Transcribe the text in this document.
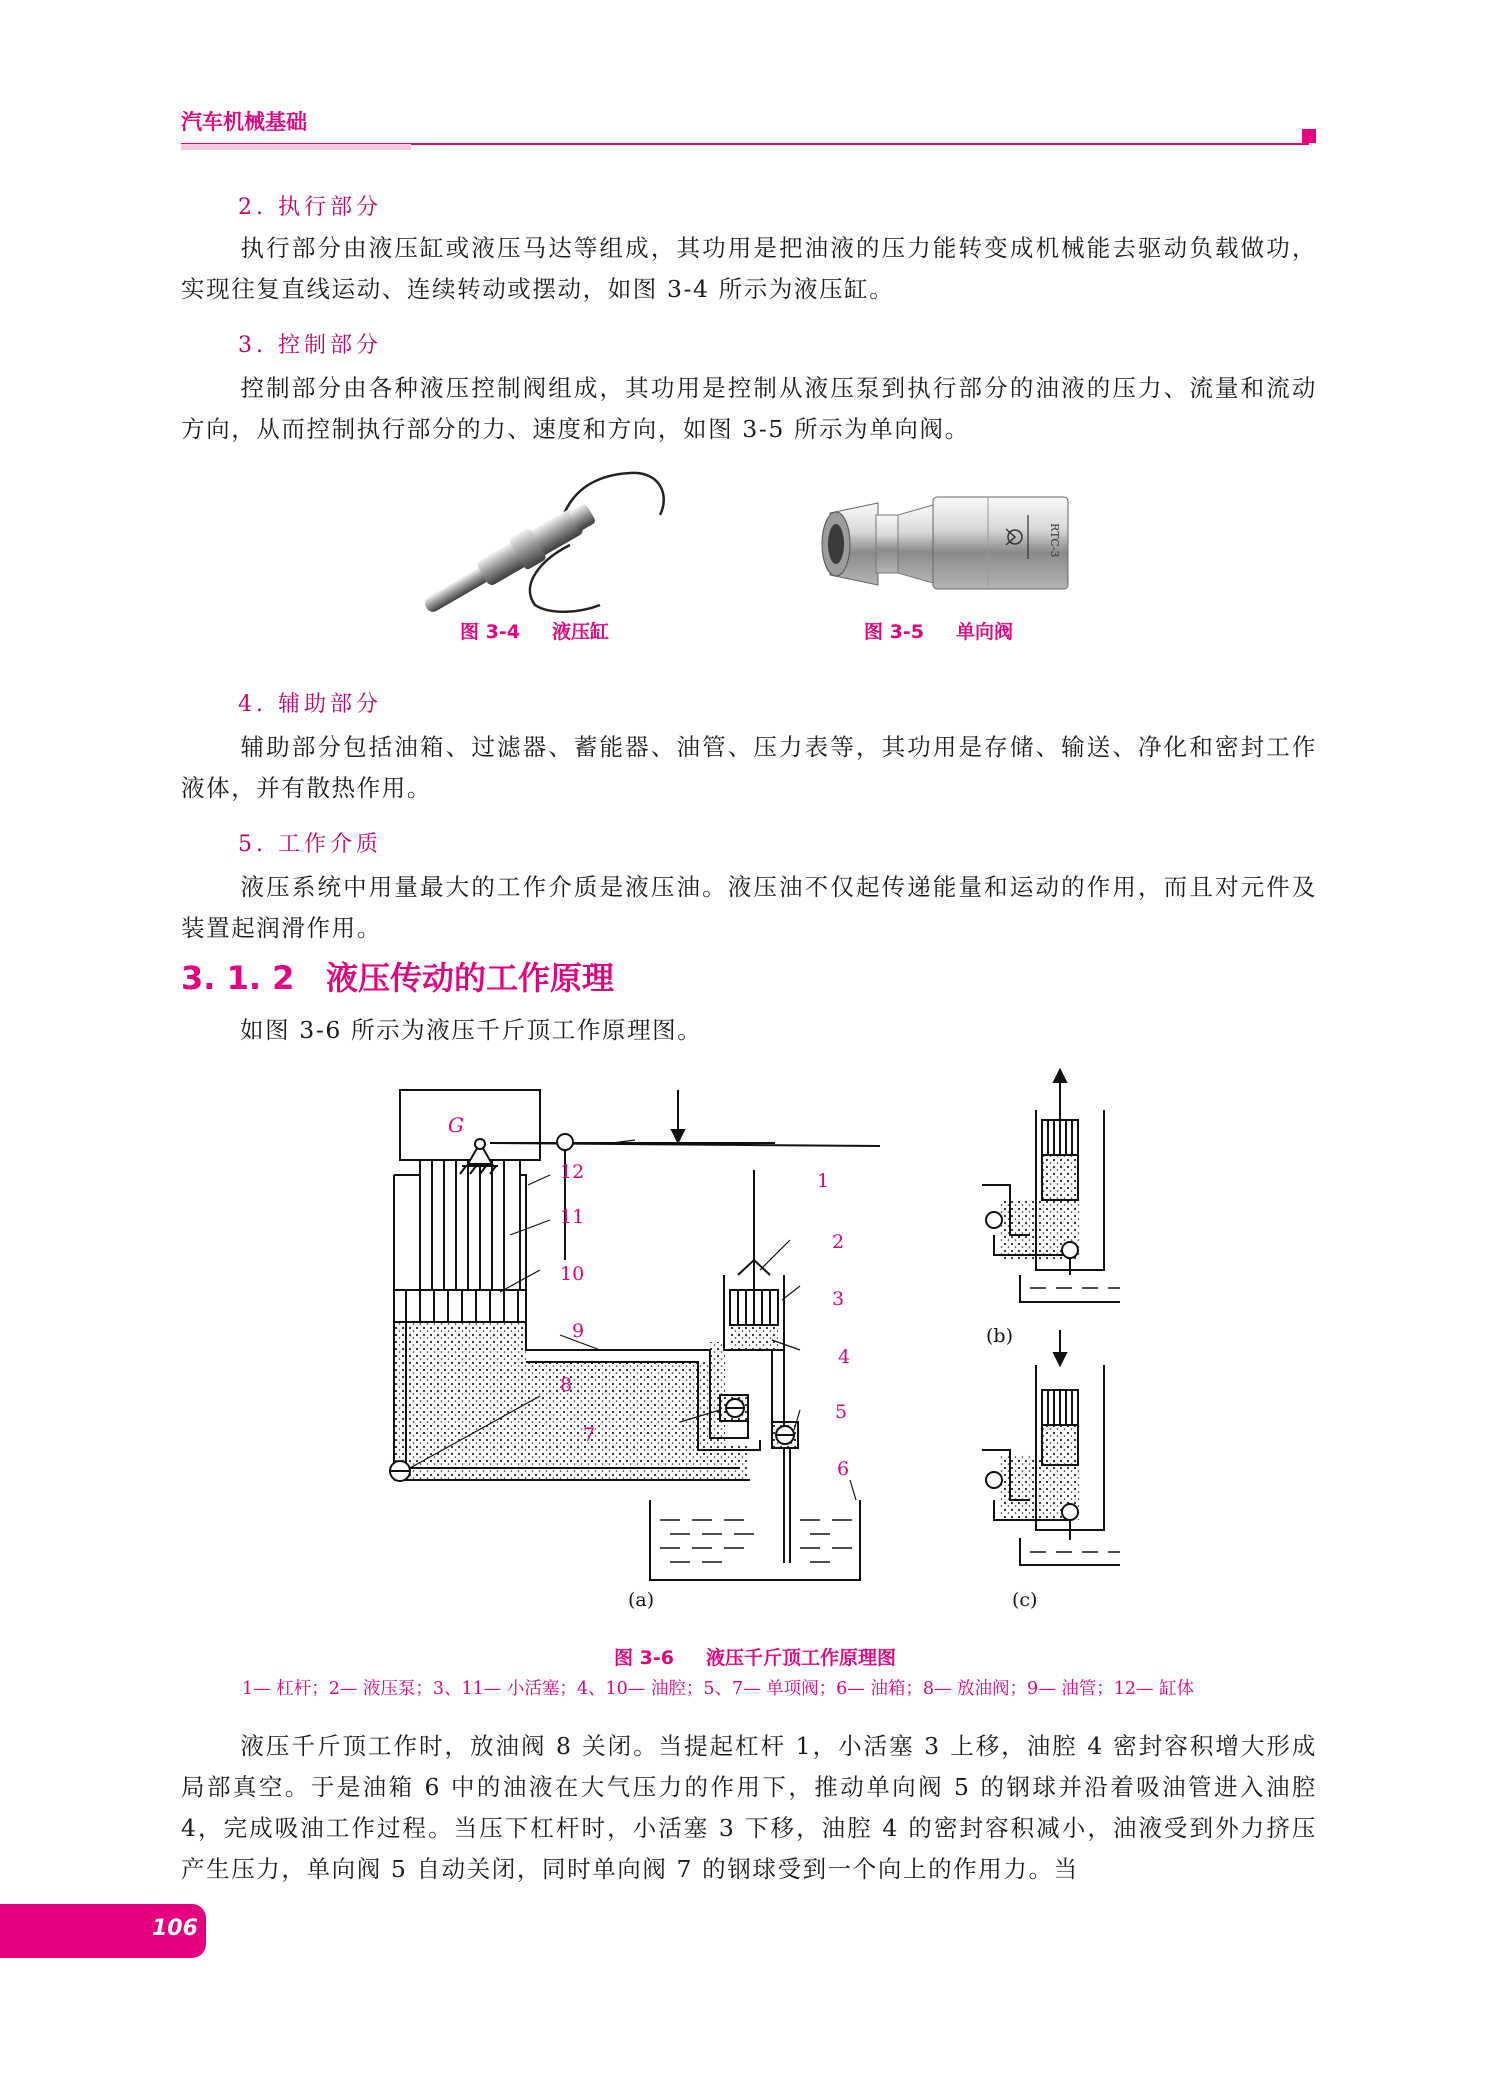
汽车机械基础
2. 执行部分
执行部分由液压缸或液压马达等组成，其功用是把油液的压力能转变成机械能去驱动负载做功，实现往复直线运动、连续转动或摆动，如图 3-4 所示为液压缸。
3. 控制部分
控制部分由各种液压控制阀组成，其功用是控制从液压泵到执行部分的油液的压力、流量和流动方向，从而控制执行部分的力、速度和方向，如图 3-5 所示为单向阀。
图 3-4 液压缸
RTC-3
图 3-5 单向阀
4. 辅助部分
辅助部分包括油箱、过滤器、蓄能器、油管、压力表等，其功用是存储、输送、净化和密封工作液体，并有散热作用。
5. 工作介质
液压系统中用量最大的工作介质是液压油。液压油不仅起传递能量和运动的作用，而且对元件及装置起润滑作用。
3. 1. 2 液压传动的工作原理
如图 3-6 所示为液压千斤顶工作原理图。
G
1
2
3
4
5
6
7
8
9
10
11
12
(a)
(b)
(c)
图 3-6 液压千斤顶工作原理图
1— 杠杆；2— 液压泵；3、11— 小活塞；4、10— 油腔；5、7— 单项阀；6— 油箱；8— 放油阀；9— 油管；12— 缸体
液压千斤顶工作时，放油阀 8 关闭。当提起杠杆 1，小活塞 3 上移，油腔 4 密封容积增大形成局部真空。于是油箱 6 中的油液在大气压力的作用下，推动单向阀 5 的钢球并沿着吸油管进入油腔 4，完成吸油工作过程。当压下杠杆时，小活塞 3 下移，油腔 4 的密封容积减小，油液受到外力挤压产生压力，单向阀 5 自动关闭，同时单向阀 7 的钢球受到一个向上的作用力。当
106
